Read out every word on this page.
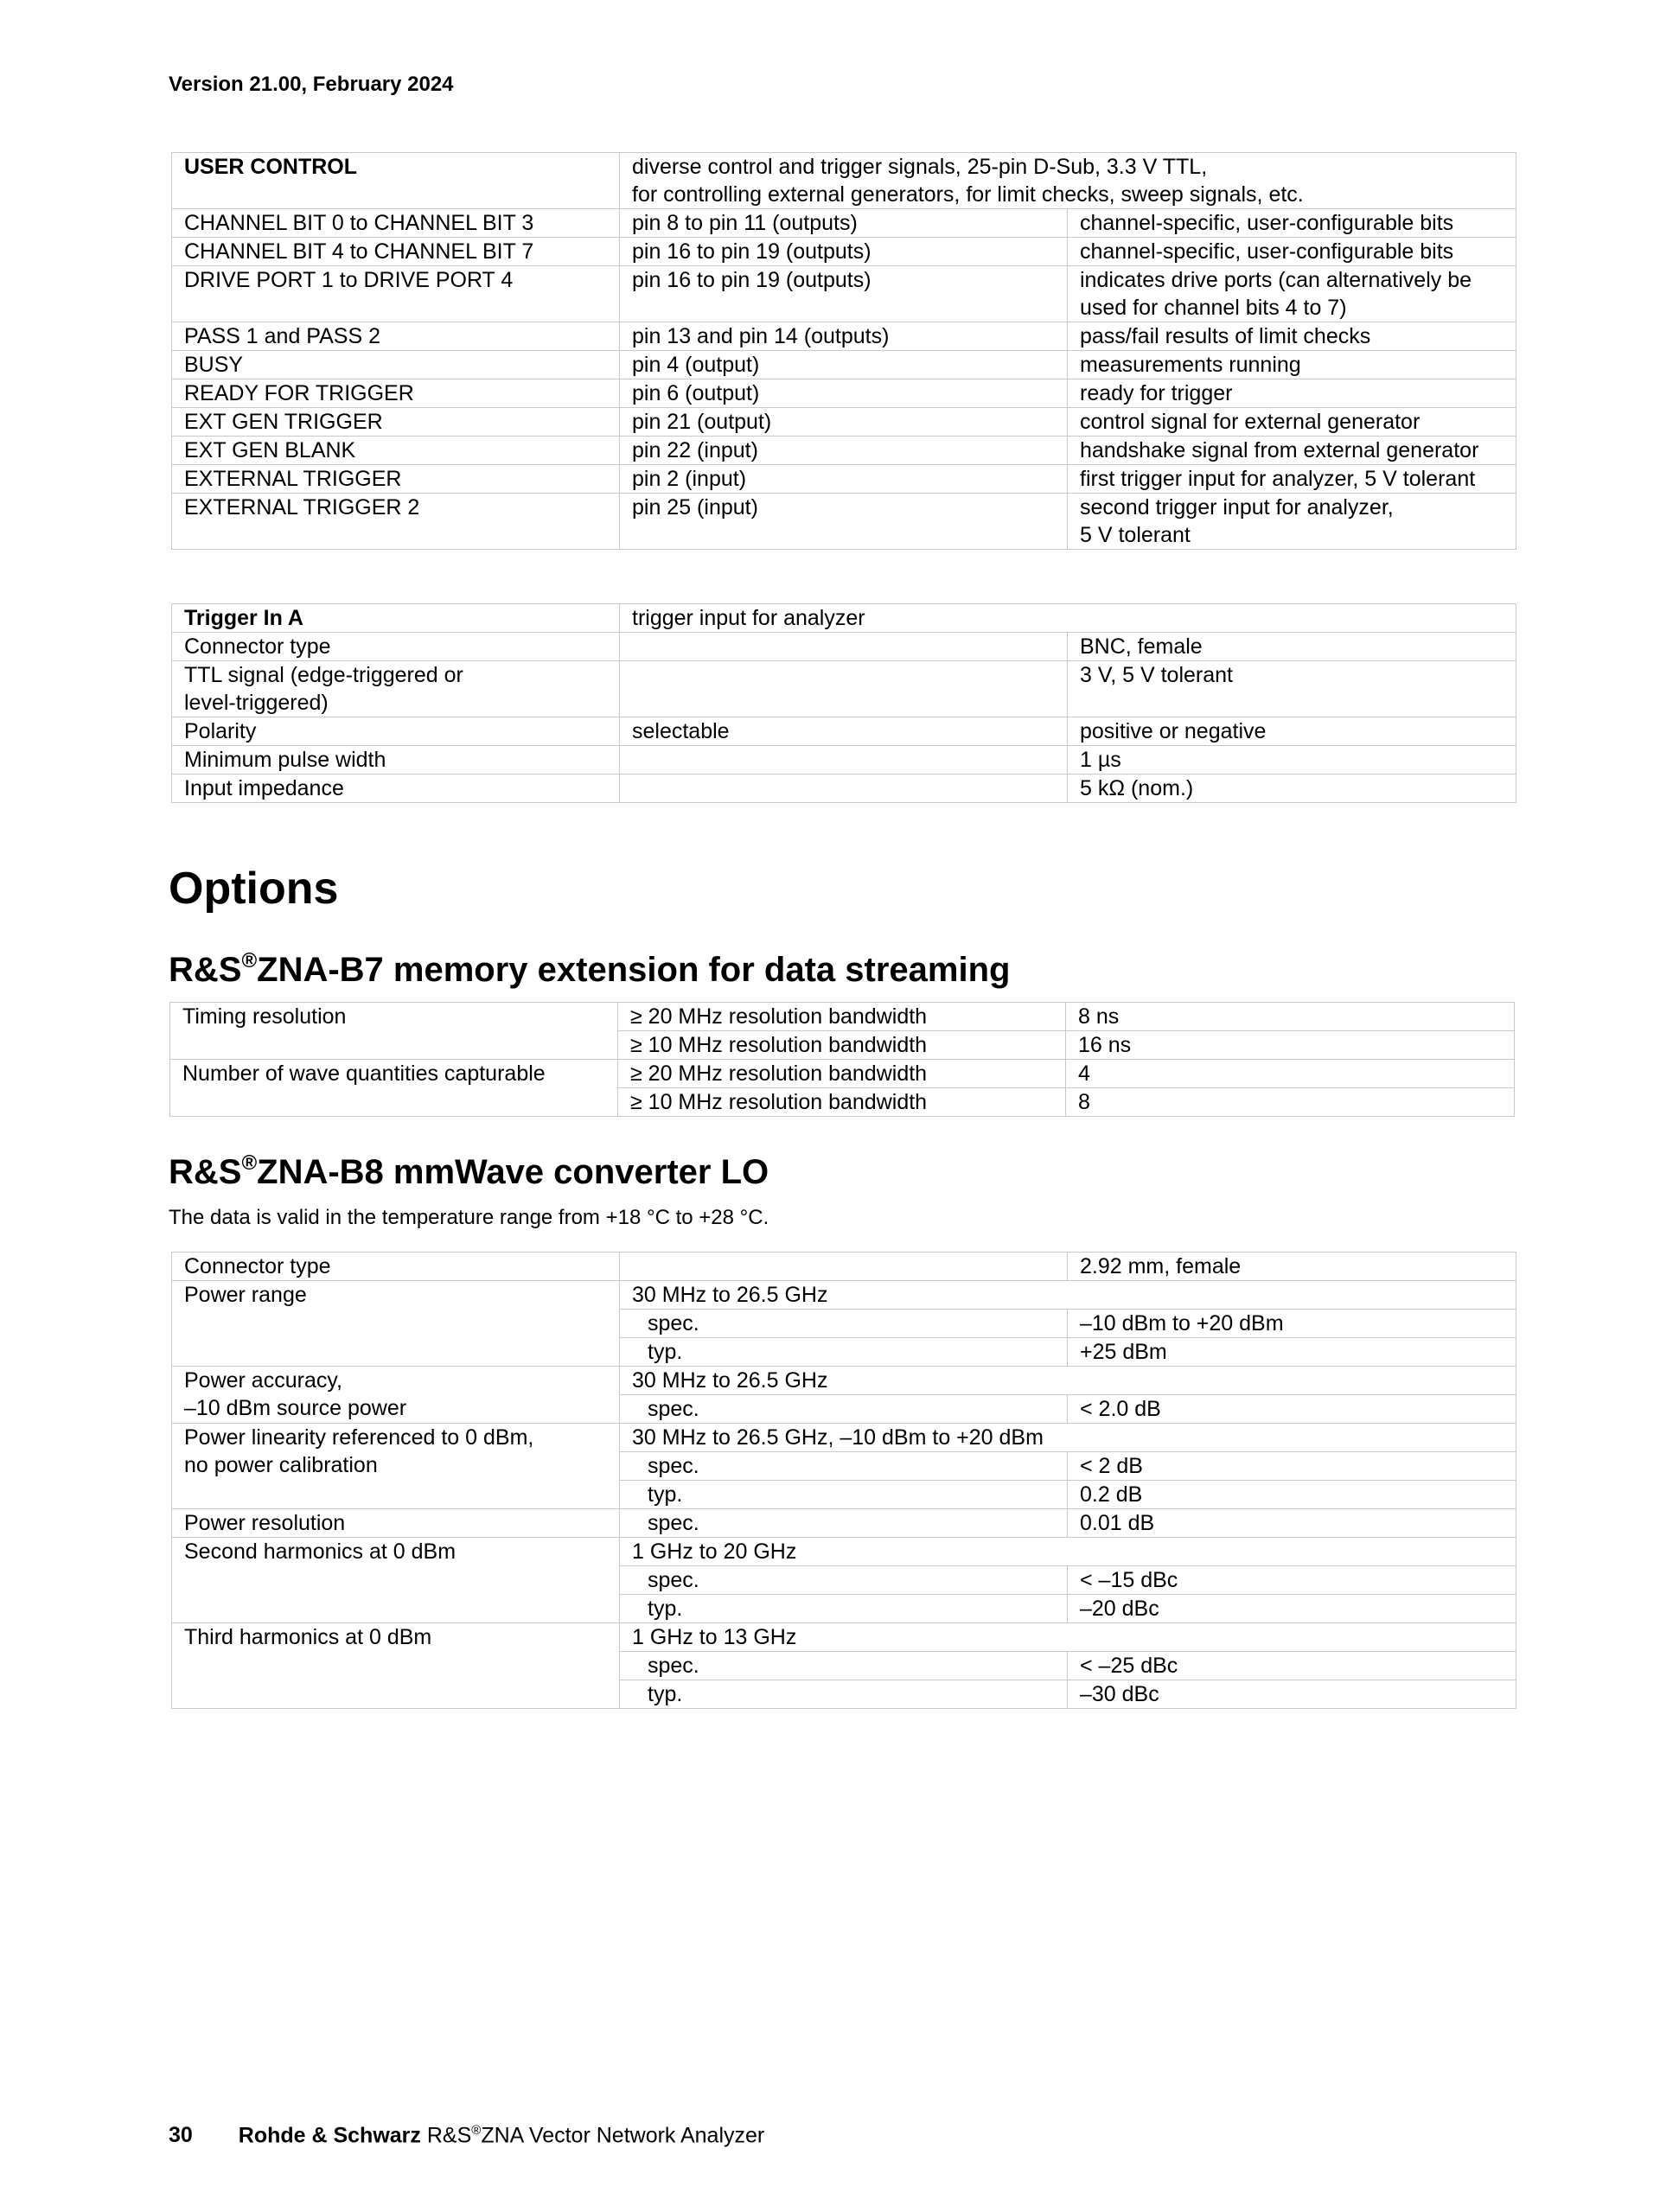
Version 21.00, February 2024
USER CONTROL	diverse control and trigger signals, 25-pin D-Sub, 3.3 V TTL,
for controlling external generators, for limit checks, sweep signals, etc.	

CHANNEL BIT 0 to CHANNEL BIT 3	pin 8 to pin 11 (outputs)	channel-specific, user-configurable bits
CHANNEL BIT 4 to CHANNEL BIT 7	pin 16 to pin 19 (outputs)	channel-specific, user-configurable bits
DRIVE PORT 1 to DRIVE PORT 4	pin 16 to pin 19 (outputs)	indicates drive ports (can alternatively be
used for channel bits 4 to 7)

PASS 1 and PASS 2	pin 13 and pin 14 (outputs)	pass/fail results of limit checks
BUSY	pin 4 (output)	measurements running
READY FOR TRIGGER	pin 6 (output)	ready for trigger
EXT GEN TRIGGER	pin 21 (output)	control signal for external generator
EXT GEN BLANK	pin 22 (input)	handshake signal from external generator
EXTERNAL TRIGGER	pin 2 (input)	first trigger input for analyzer, 5 V tolerant
EXTERNAL TRIGGER 2	pin 25 (input)	second trigger input for analyzer,
5 V tolerant
Trigger In A	trigger input for analyzer	
Connector type		BNC, female

TTL signal (edge-triggered or
level-triggered)		3 V, 5 V tolerant
Polarity	selectable	positive or negative
Minimum pulse width		1 µs
Input impedance		5 kΩ (nom.)
Options
R&S®ZNA-B7 memory extension for data streaming
Timing resolution	≥ 20 MHz resolution bandwidth	8 ns
	≥ 10 MHz resolution bandwidth	16 ns
Number of wave quantities capturable	≥ 20 MHz resolution bandwidth	4
	≥ 10 MHz resolution bandwidth	8
R&S®ZNA-B8 mmWave converter LO
The data is valid in the temperature range from +18 °C to +28 °C.
Connector type		2.92 mm, female
Power range	30 MHz to 26.5 GHz	
	spec.	–10 dBm to +20 dBm
	typ.	+25 dBm

Power accuracy,
–10 dBm source power	30 MHz to 26.5 GHz	
	spec.	< 2.0 dB

Power linearity referenced to 0 dBm,
no power calibration	30 MHz to 26.5 GHz, –10 dBm to +20 dBm	
	spec.	< 2 dB
	typ.	0.2 dB
Power resolution	spec.	0.01 dB
Second harmonics at 0 dBm	1 GHz to 20 GHz	
	spec.	< –15 dBc
	typ.	–20 dBc
Third harmonics at 0 dBm	1 GHz to 13 GHz	
	spec.	< –25 dBc
	typ.	–30 dBc
30 Rohde & Schwarz R&S®ZNA Vector Network Analyzer
